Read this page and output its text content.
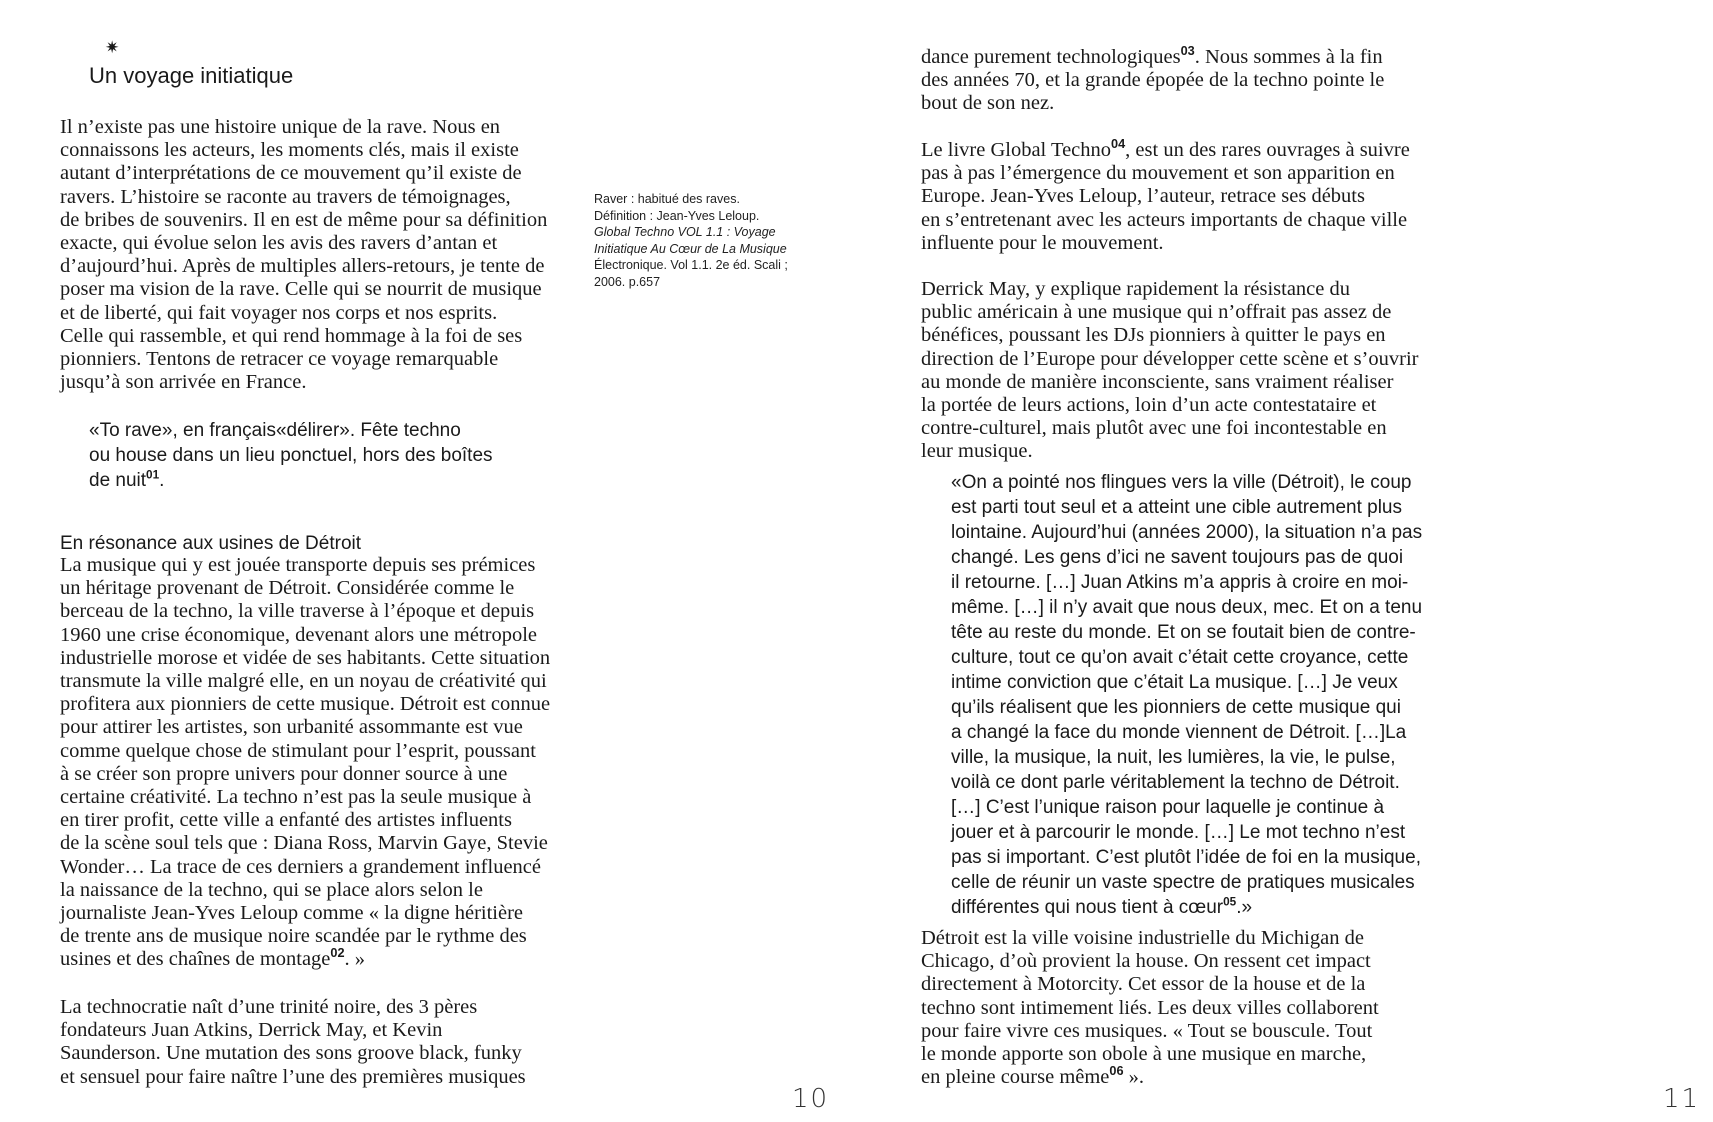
✷
Un voyage initiatique
Il n’existe pas une histoire unique de la rave. Nous en
connaissons les acteurs, les moments clés, mais il existe
autant d’interprétations de ce mouvement qu’il existe de
ravers. L’histoire se raconte au travers de témoignages,
de bribes de souvenirs. Il en est de même pour sa définition
exacte, qui évolue selon les avis des ravers d’antan et
d’aujourd’hui. Après de multiples allers-retours, je tente de
poser ma vision de la rave. Celle qui se nourrit de musique
et de liberté, qui fait voyager nos corps et nos esprits.
Celle qui rassemble, et qui rend hommage à la foi de ses
pionniers. Tentons de retracer ce voyage remarquable
jusqu’à son arrivée en France.
Raver : habitué des raves.
Définition : Jean-Yves Leloup.
Global Techno VOL 1.1 : Voyage
Initiatique Au Cœur de La Musique
Électronique. Vol 1.1. 2e éd. Scali ;
2006. p.657
«To rave», en français«délirer». Fête techno
ou house dans un lieu ponctuel, hors des boîtes
de nuit$^{01}$.
En résonance aux usines de Détroit
La musique qui y est jouée transporte depuis ses prémices
un héritage provenant de Détroit. Considérée comme le
berceau de la techno, la ville traverse à l’époque et depuis
1960 une crise économique, devenant alors une métropole
industrielle morose et vidée de ses habitants. Cette situation
transmute la ville malgré elle, en un noyau de créativité qui
profitera aux pionniers de cette musique. Détroit est connue
pour attirer les artistes, son urbanité assommante est vue
comme quelque chose de stimulant pour l’esprit, poussant
à se créer son propre univers pour donner source à une
certaine créativité. La techno n’est pas la seule musique à
en tirer profit, cette ville a enfanté des artistes influents
de la scène soul tels que : Diana Ross, Marvin Gaye, Stevie
Wonder… La trace de ces derniers a grandement influencé
la naissance de la techno, qui se place alors selon le
journaliste Jean-Yves Leloup comme « la digne héritière
de trente ans de musique noire scandée par le rythme des
usines et des chaînes de montage$^{02}$. »
La technocratie naît d’une trinité noire, des 3 pères
fondateurs Juan Atkins, Derrick May, et Kevin
Saunderson. Une mutation des sons groove black, funky
et sensuel pour faire naître l’une des premières musiques
10
dance purement technologiques$^{03}$. Nous sommes à la fin
des années 70, et la grande épopée de la techno pointe le
bout de son nez.
Le livre Global Techno$^{04}$, est un des rares ouvrages à suivre
pas à pas l’émergence du mouvement et son apparition en
Europe. Jean-Yves Leloup, l’auteur, retrace ses débuts
en s’entretenant avec les acteurs importants de chaque ville
influente pour le mouvement.
Derrick May, y explique rapidement la résistance du
public américain à une musique qui n’offrait pas assez de
bénéfices, poussant les DJs pionniers à quitter le pays en
direction de l’Europe pour développer cette scène et s’ouvrir
au monde de manière inconsciente, sans vraiment réaliser
la portée de leurs actions, loin d’un acte contestataire et
contre-culturel, mais plutôt avec une foi incontestable en
leur musique.
«On a pointé nos flingues vers la ville (Détroit), le coup
est parti tout seul et a atteint une cible autrement plus
lointaine. Aujourd’hui (années 2000), la situation n’a pas
changé. Les gens d’ici ne savent toujours pas de quoi
il retourne. […] Juan Atkins m’a appris à croire en moi-
même. […] il n’y avait que nous deux, mec. Et on a tenu
tête au reste du monde. Et on se foutait bien de contre-
culture, tout ce qu’on avait c’était cette croyance, cette
intime conviction que c’était La musique. […] Je veux
qu’ils réalisent que les pionniers de cette musique qui
a changé la face du monde viennent de Détroit. […]La
ville, la musique, la nuit, les lumières, la vie, le pulse,
voilà ce dont parle véritablement la techno de Détroit.
[…] C’est l’unique raison pour laquelle je continue à
jouer et à parcourir le monde. […] Le mot techno n’est
pas si important. C’est plutôt l’idée de foi en la musique,
celle de réunir un vaste spectre de pratiques musicales
différentes qui nous tient à cœur$^{05}$.»
Détroit est la ville voisine industrielle du Michigan de
Chicago, d’où provient la house. On ressent cet impact
directement à Motorcity. Cet essor de la house et de la
techno sont intimement liés. Les deux villes collaborent
pour faire vivre ces musiques. « Tout se bouscule. Tout
le monde apporte son obole à une musique en marche,
en pleine course même$^{06}$ ».
11
